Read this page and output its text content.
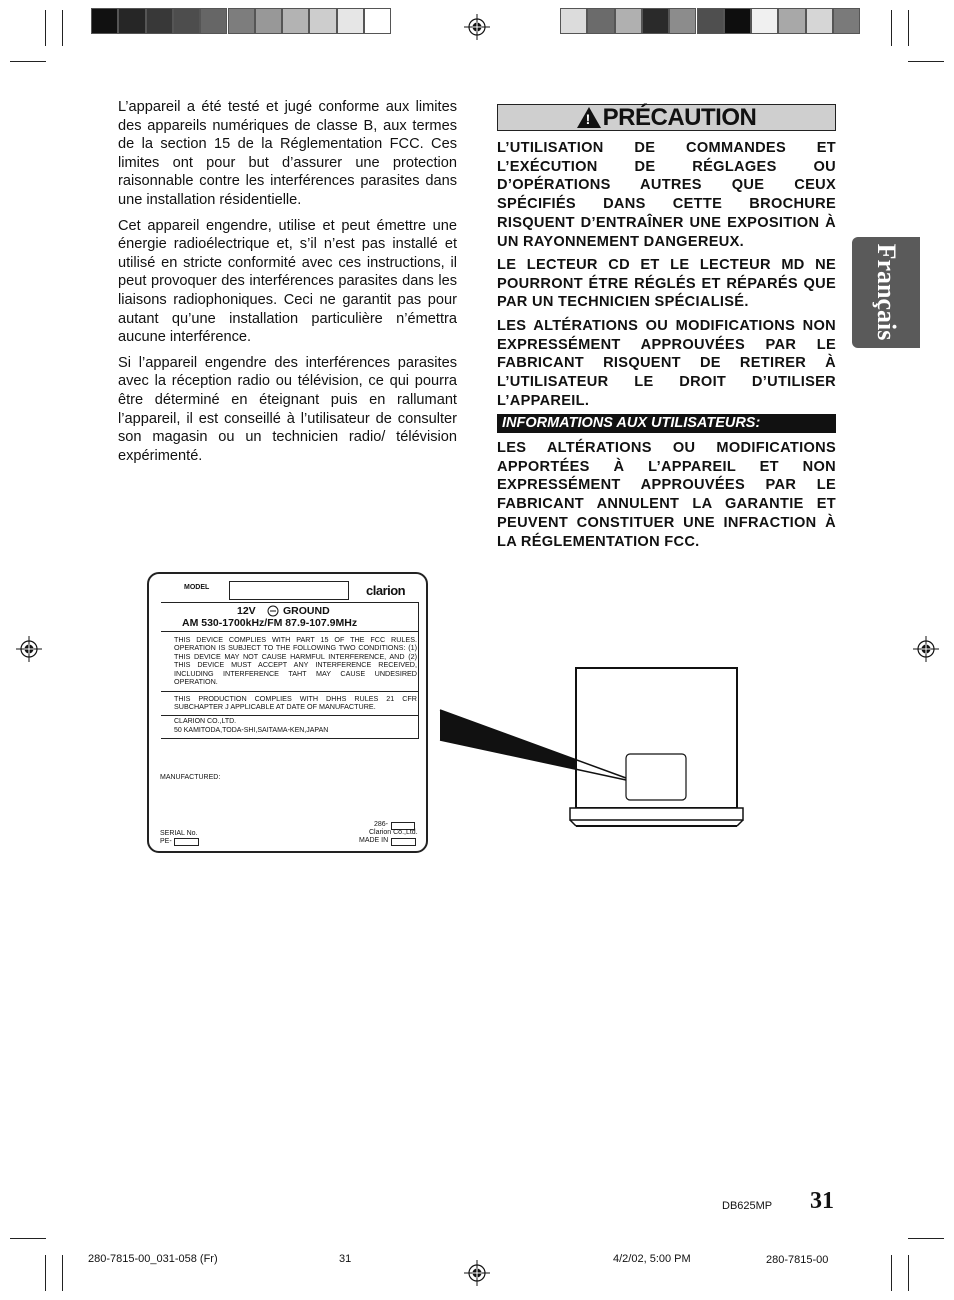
L’appareil a été testé et jugé conforme aux limites des appareils numériques de classe B, aux termes de la section 15 de la Réglementation FCC. Ces limites ont pour but d’assurer une protection raisonnable contre les interférences parasites dans une installation résidentielle.

Cet appareil engendre, utilise et peut émettre une énergie radioélectrique et, s’il n’est pas installé et utilisé en stricte conformité avec ces instructions, il peut provoquer des interférences parasites dans les liaisons radiophoniques. Ceci ne garantit pas pour autant qu’une installation particulière n’émettra aucune interférence.

Si l’appareil engendre des interférences parasites avec la réception radio ou télévision, ce qui pourra être déterminé en éteignant puis en rallumant l’appareil, il est conseillé à l’utilisateur de consulter son magasin ou un technicien radio/ télévision expérimenté.

! PRÉCAUTION
L’UTILISATION DE COMMANDES ET L’EXÉCUTION DE RÉGLAGES OU D’OPÉRATIONS AUTRES QUE CEUX SPÉCIFIÉS DANS CETTE BROCHURE RISQUENT D’ENTRAÎNER UNE EXPOSITION À UN RAYONNEMENT DANGEREUX.
LE LECTEUR CD ET LE LECTEUR MD NE POURRONT ÉTRE RÉGLÉS ET RÉPARÉS QUE PAR UN TECHNICIEN SPÉCIALISÉ.
LES ALTÉRATIONS OU MODIFICATIONS NON EXPRESSÉMENT APPROUVÉES PAR LE FABRICANT RISQUENT DE RETIRER À L’UTILISATEUR LE DROIT D’UTILISER L’APPAREIL.
INFORMATIONS AUX UTILISATEURS:
LES ALTÉRATIONS OU MODIFICATIONS APPORTÉES À L’APPAREIL ET NON EXPRESSÉMENT APPROUVÉES PAR LE FABRICANT ANNULENT LA GARANTIE ET PEUVENT CONSTITUER UNE INFRACTION À LA RÉGLEMENTATION FCC.
Français
MODEL	clarion
12V	GROUND
AM 530-1700kHz/FM 87.9-107.9MHz
THIS DEVICE COMPLIES WITH PART 15 OF THE FCC RULES. OPERATION IS SUBJECT TO THE FOLLOWING TWO CONDITIONS: (1) THIS DEVICE MAY NOT CAUSE HARMFUL INTERFERENCE, AND (2) THIS DEVICE MUST ACCEPT ANY INTERFERENCE RECEIVED, INCLUDING INTERFERENCE TAHT MAY CAUSE UNDESIRED OPERATION.
THIS PRODUCTION COMPLIES WITH DHHS RULES 21 CFR SUBCHAPTER J APPLICABLE AT DATE OF MANUFACTURE.
CLARION CO.,LTD.
50 KAMITODA,TODA-SHI,SAITAMA-KEN,JAPAN
MANUFACTURED:
286-
Clarion Co.,Ltd.
SERIAL No.
PE-	MADE IN
DB625MP 31
280-7815-00_031-058 (Fr)	31	4/2/02, 5:00 PM	280-7815-00
